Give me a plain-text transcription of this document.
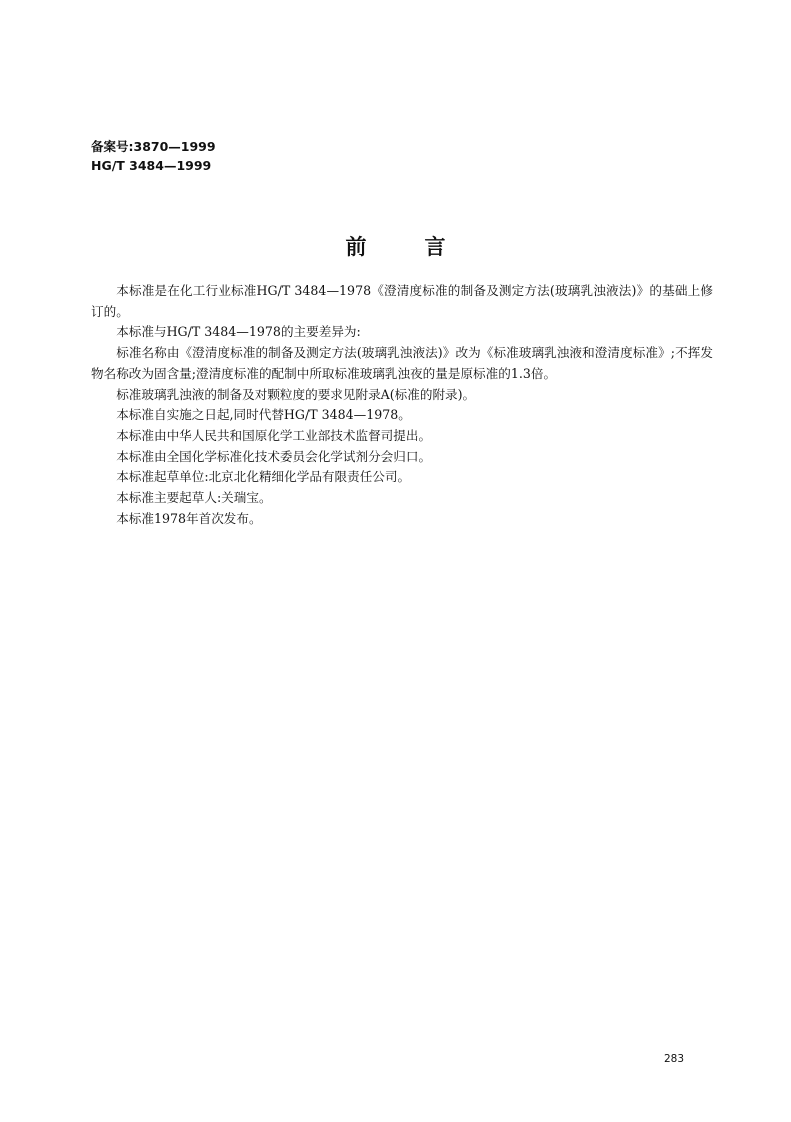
备案号:3870—1999
HG/T 3484—1999
前言

本标准是在化工行业标准HG/T 3484—1978《澄清度标准的制备及测定方法(玻璃乳浊液法)》的基础上修订的。

本标准与HG/T 3484—1978的主要差异为:

标准名称由《澄清度标准的制备及测定方法(玻璃乳浊液法)》改为《标准玻璃乳浊液和澄清度标准》;不挥发物名称改为固含量;澄清度标准的配制中所取标准玻璃乳浊夜的量是原标准的1.3倍。

标准玻璃乳浊液的制备及对颗粒度的要求见附录A(标准的附录)。

本标准自实施之日起,同时代替HG/T 3484—1978。

本标准由中华人民共和国原化学工业部技术监督司提出。

本标准由全国化学标准化技术委员会化学试剂分会归口。

本标准起草单位:北京北化精细化学品有限责任公司。

本标准主要起草人:关瑞宝。

本标准1978年首次发布。

283
